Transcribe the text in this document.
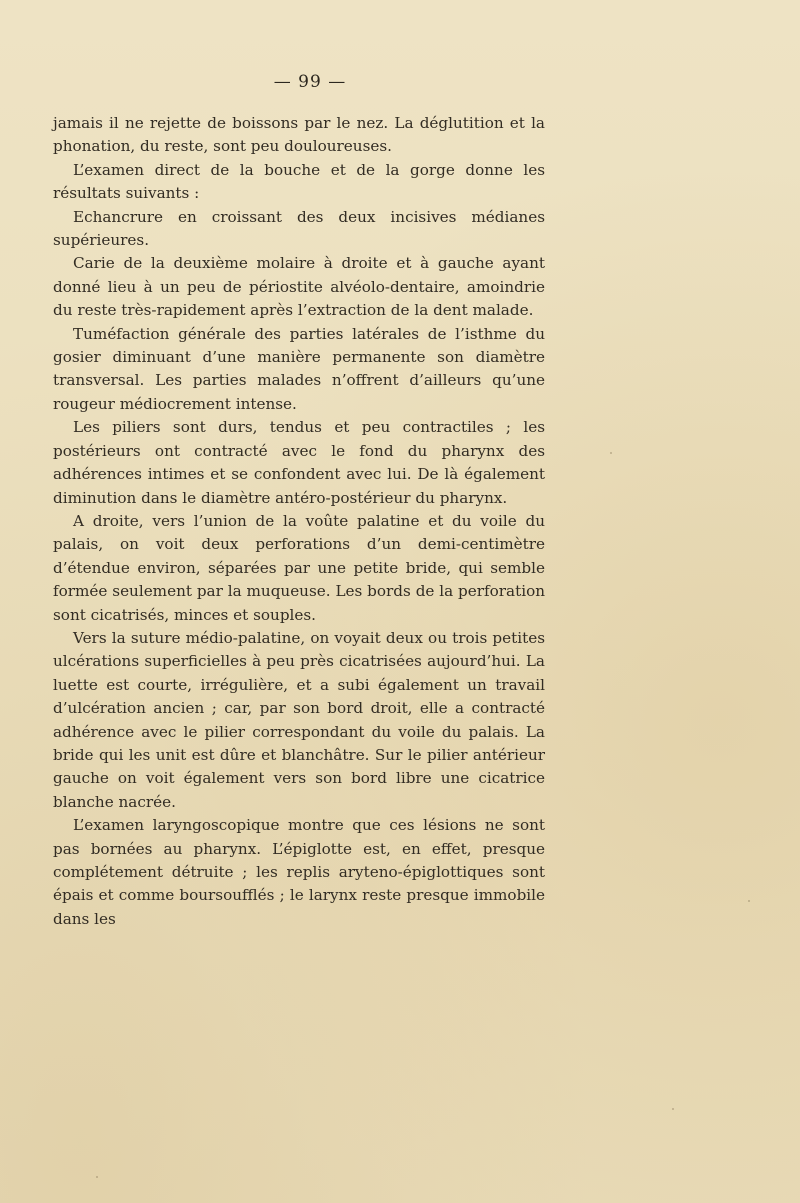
— 99 —

jamais il ne rejette de boissons par le nez. La déglutition et la phonation, du reste, sont peu douloureuses.

L’examen direct de la bouche et de la gorge donne les résultats suivants :

Echancrure en croissant des deux incisives médianes supérieures.

Carie de la deuxième molaire à droite et à gauche ayant donné lieu à un peu de périostite alvéolo-dentaire, amoindrie du reste très-rapidement après l’extraction de la dent malade.

Tuméfaction générale des parties latérales de l’isthme du gosier diminuant d’une manière permanente son diamètre transversal. Les parties malades n’offrent d’ailleurs qu’une rougeur médiocrement intense.

Les piliers sont durs, tendus et peu contractiles ; les postérieurs ont contracté avec le fond du pharynx des adhérences intimes et se confondent avec lui. De là également diminution dans le diamètre antéro-postérieur du pharynx.

A droite, vers l’union de la voûte palatine et du voile du palais, on voit deux perforations d’un demi-centimètre d’étendue environ, séparées par une petite bride, qui semble formée seulement par la muqueuse. Les bords de la perforation sont cicatrisés, minces et souples.

Vers la suture médio-palatine, on voyait deux ou trois petites ulcérations superficielles à peu près cicatrisées aujourd’hui. La luette est courte, irrégulière, et a subi également un travail d’ulcération ancien ; car, par son bord droit, elle a contracté adhérence avec le pilier correspondant du voile du palais. La bride qui les unit est dûre et blanchâtre. Sur le pilier antérieur gauche on voit également vers son bord libre une cicatrice blanche nacrée.

L’examen laryngoscopique montre que ces lésions ne sont pas bornées au pharynx. L’épiglotte est, en effet, presque complétement détruite ; les replis aryteno-épiglottiques sont épais et comme boursoufflés ; le larynx reste presque immobile dans les
